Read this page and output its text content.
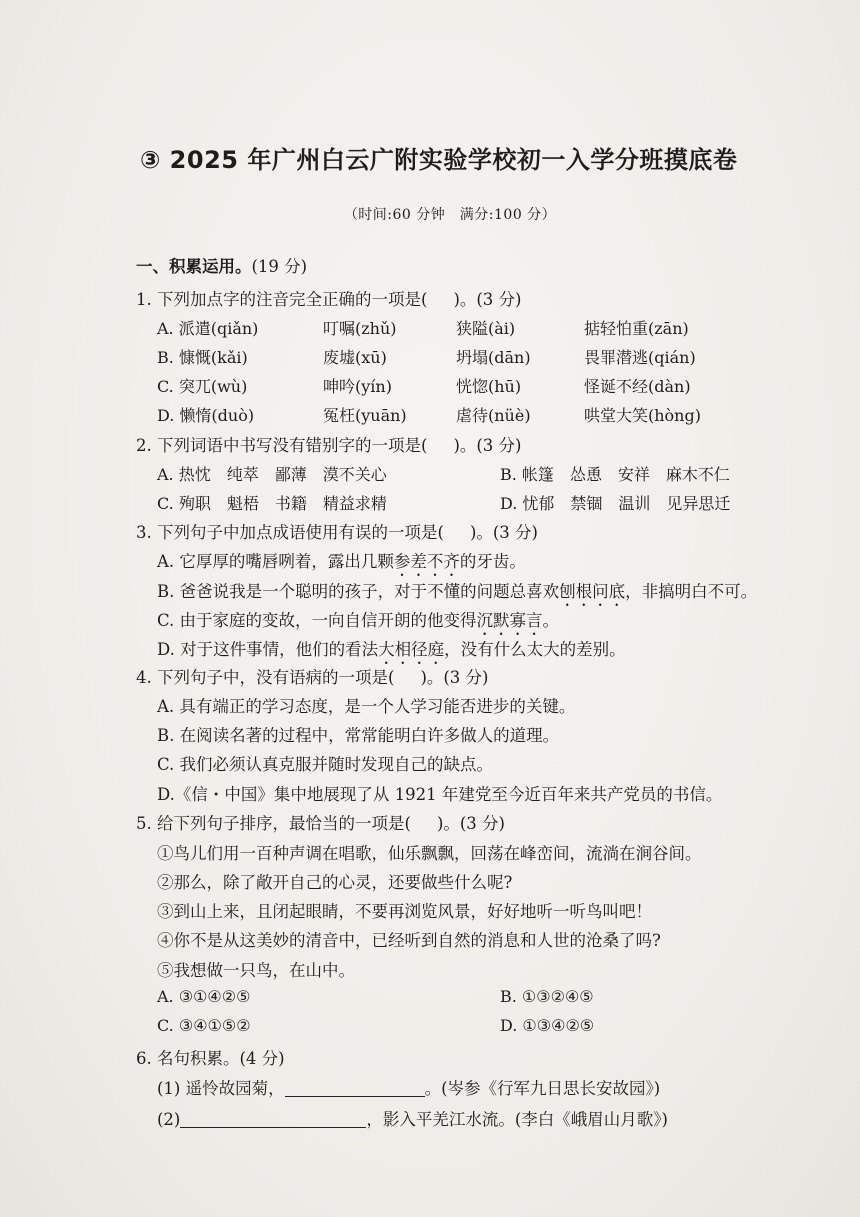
③ 2025 年广州白云广附实验学校初一入学分班摸底卷
（时间:60 分钟　满分:100 分）
一、积累运用。(19 分)
1. 下列加点字的注音完全正确的一项是( )。(3 分)
A. 派遣(qiǎn)	叮嘱(zhǔ)	狭隘(ài)	掂轻怕重(zān)
B. 慷慨(kǎi)	废墟(xū)	坍塌(dān)	畏罪潜逃(qián)
C. 突兀(wù)	呻吟(yín)	恍惚(hū)	怪诞不经(dàn)
D. 懒惰(duò)	冤枉(yuān)	虐待(nüè)	哄堂大笑(hòng)
2. 下列词语中书写没有错别字的一项是( )。(3 分)
A. 热忱　纯萃　鄙薄　漠不关心	B. 帐篷　怂恿　安祥　麻木不仁
C. 殉职　魁梧　书籍　精益求精	D. 忧郁　禁锢　温训　见异思迁
3. 下列句子中加点成语使用有误的一项是( )。(3 分)
A. 它厚厚的嘴唇咧着，露出几颗参差不齐的牙齿。
B. 爸爸说我是一个聪明的孩子，对于不懂的问题总喜欢刨根问底，非搞明白不可。
C. 由于家庭的变故，一向自信开朗的他变得沉默寡言。
D. 对于这件事情，他们的看法大相径庭，没有什么太大的差别。
4. 下列句子中，没有语病的一项是( )。(3 分)
A. 具有端正的学习态度，是一个人学习能否进步的关键。
B. 在阅读名著的过程中，常常能明白许多做人的道理。
C. 我们必须认真克服并随时发现自己的缺点。
D.《信・中国》集中地展现了从 1921 年建党至今近百年来共产党员的书信。
5. 给下列句子排序，最恰当的一项是( )。(3 分)
①鸟儿们用一百种声调在唱歌，仙乐飘飘，回荡在峰峦间，流淌在涧谷间。
②那么，除了敞开自己的心灵，还要做些什么呢?
③到山上来，且闭起眼睛，不要再浏览风景，好好地听一听鸟叫吧！
④你不是从这美妙的清音中，已经听到自然的消息和人世的沧桑了吗?
⑤我想做一只鸟，在山中。
A. ③①④②⑤	B. ①③②④⑤
C. ③④①⑤②	D. ①③④②⑤
6. 名句积累。(4 分)
(1) 遥怜故园菊，	。(岑参《行军九日思长安故园》)
(2)	，影入平羌江水流。(李白《峨眉山月歌》)
